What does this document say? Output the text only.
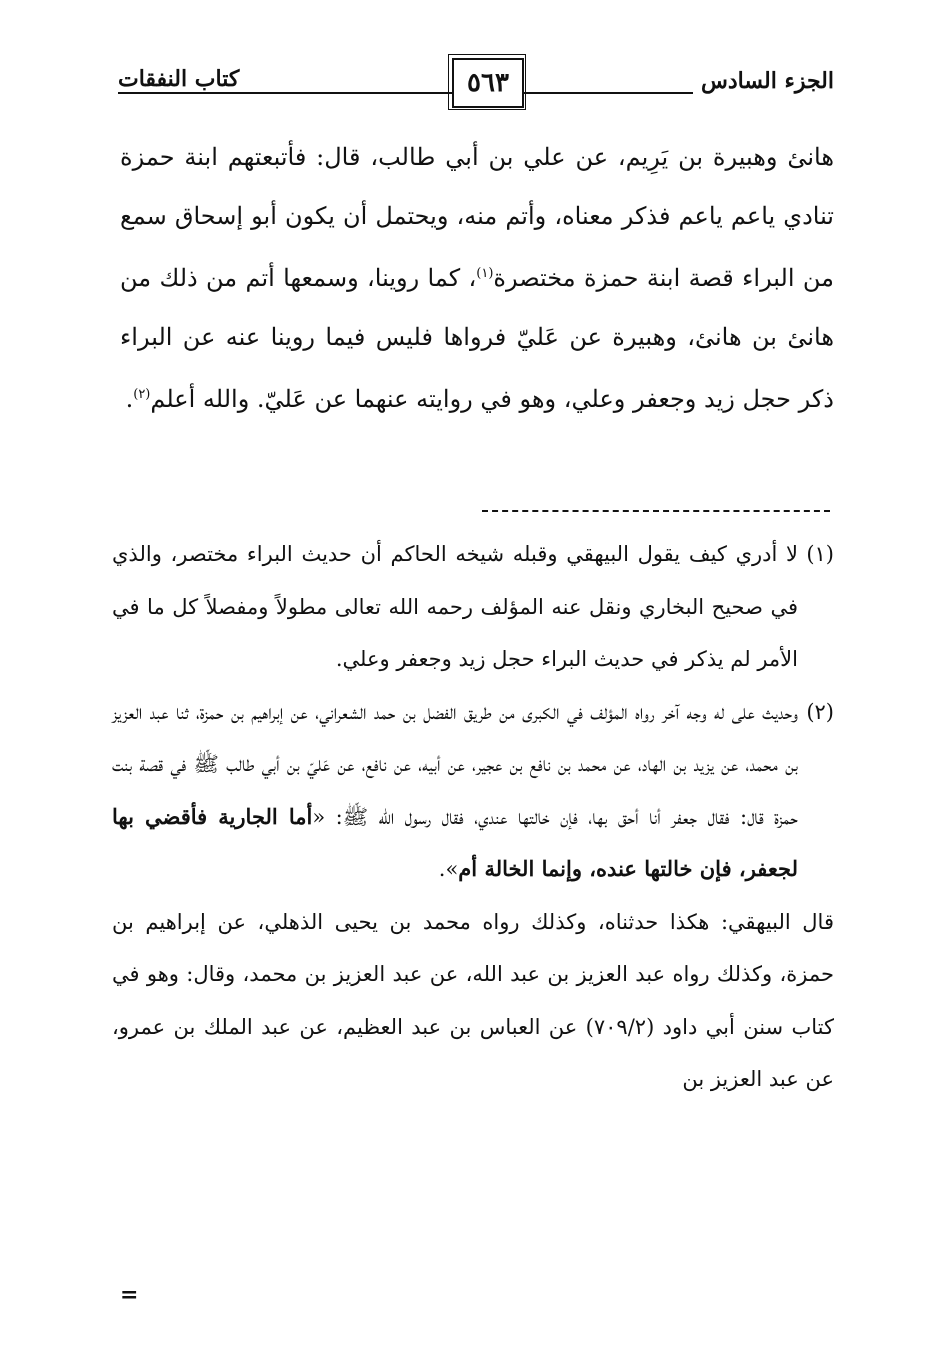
الجزء السادس
٥٦٣
كتاب النفقات

هانئ وهبيرة بن يَرِيم، عن علي بن أبي طالب، قال: فأتبعتهم ابنة حمزة تنادي ياعم ياعم فذكر معناه، وأتم منه، ويحتمل أن يكون أبو إسحاق سمع من البراء قصة ابنة حمزة مختصرة$^{(١)}$، كما روينا، وسمعها أتم من ذلك من هانئ بن هانئ، وهبيرة عن عَليّ فرواها فليس فيما روينا عنه عن البراء ذكر حجل زيد وجعفر وعلي، وهو في روايته عنهما عن عَليّ. والله أعلم$^{(٢)}$.

(١)
لا أدري كيف يقول البيهقي وقبله شيخه الحاكم أن حديث البراء مختصر، والذي في صحيح البخاري ونقل عنه المؤلف رحمه الله تعالى مطولاً ومفصلاً كل ما في الأمر لم يذكر في حديث البراء حجل زيد وجعفر وعلي.

(٢)
وحديث على له وجه آخر رواه المؤلف في الكبرى من طريق الفضل بن حمد الشعراني، عن إبراهيم بن حمزة، ثنا عبد العزيز بن محمد، عن يزيد بن الهاد، عن محمد بن نافع بن عجير، عن أبيه، عن نافع، عن عَليّ بن أبي طالب ﷺ في قصة بنت حمزة قال: فقال جعفر أنا أحق بها، فإن خالتها عندي، فقال رسول الله ﷺ: «أما الجارية فأقضي بها لجعفر، فإن خالتها عنده، وإنما الخالة أم».

قال البيهقي: هكذا حدثناه، وكذلك رواه محمد بن يحيى الذهلي، عن إبراهيم بن حمزة، وكذلك رواه عبد العزيز بن عبد الله، عن عبد العزيز بن محمد، وقال: وهو في كتاب سنن أبي داود (٧٠٩/٢) عن العباس بن عبد العظيم، عن عبد الملك بن عمرو، عن عبد العزيز بن

=
